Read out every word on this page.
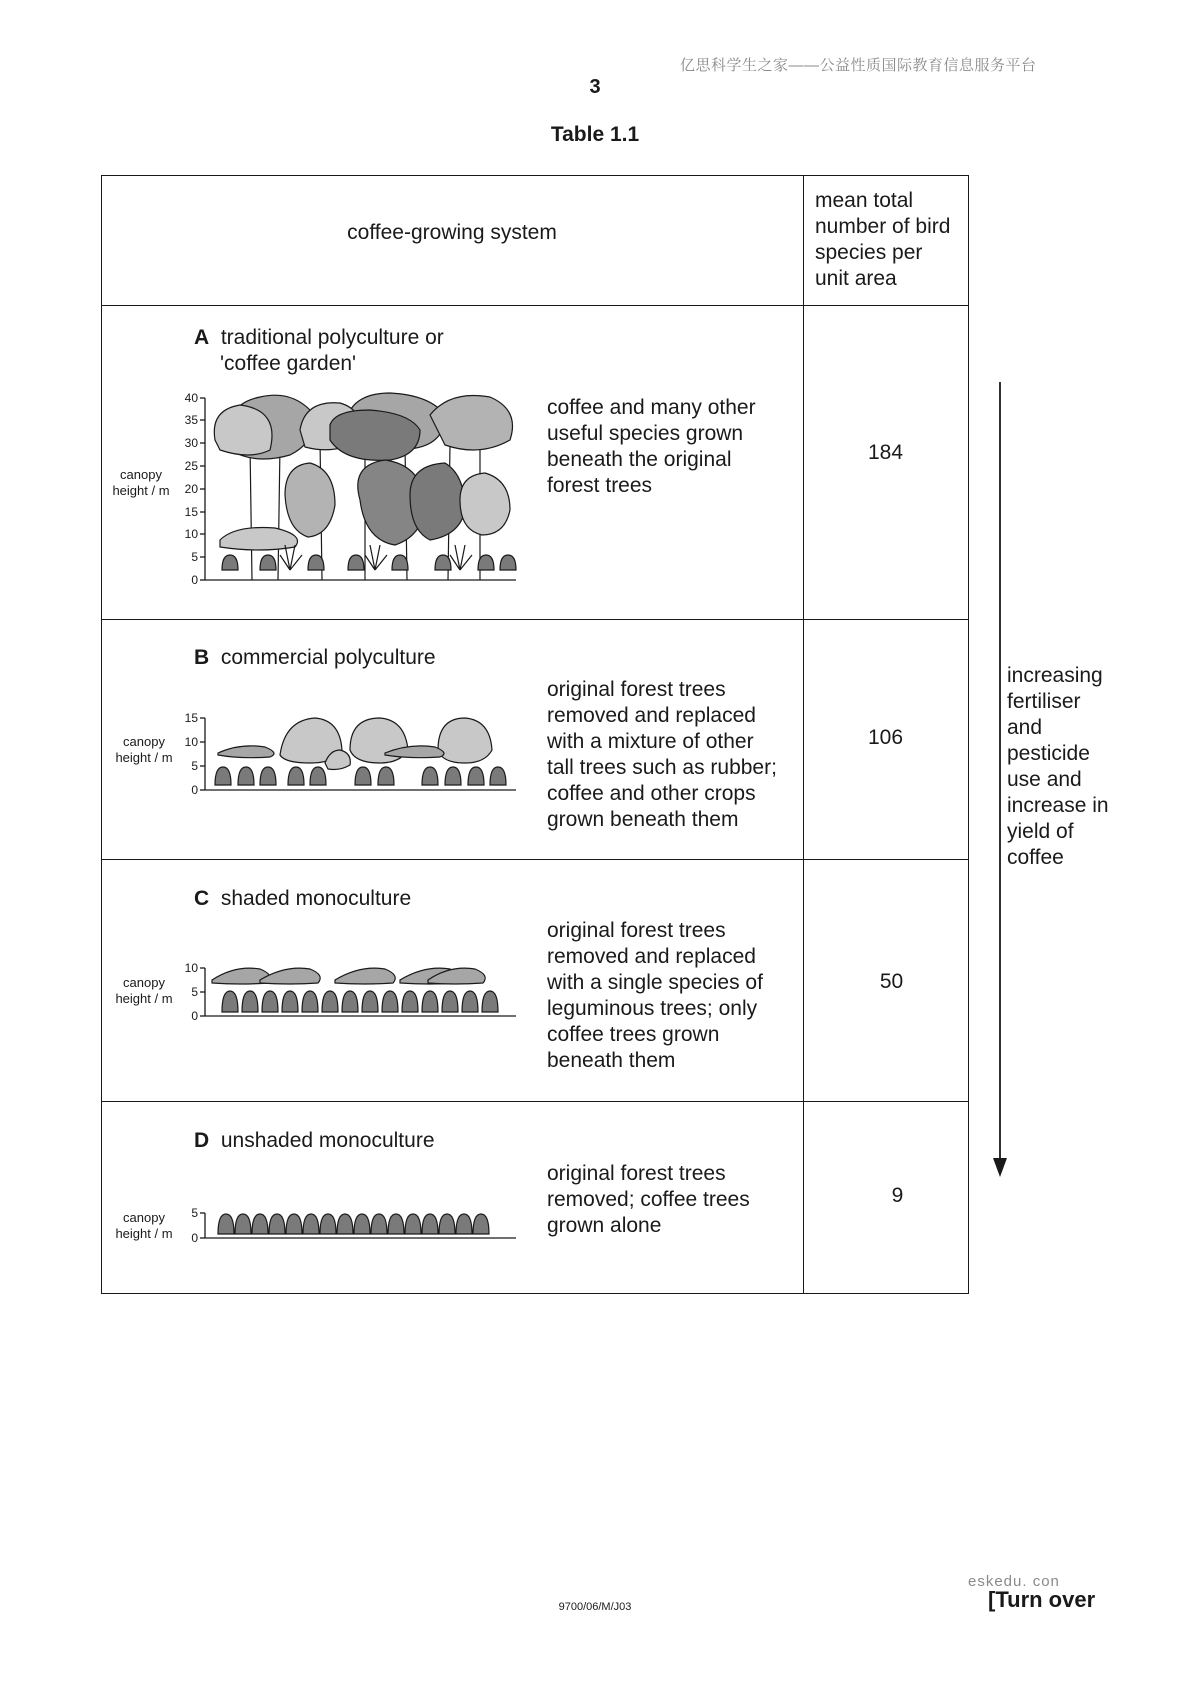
亿思科学生之家——公益性质国际教育信息服务平台
3
Table 1.1
coffee-growing system
mean total
number of bird
species per
unit area
A traditional polyculture or
'coffee garden'
canopy
height / m
40
35
30
25
20
15
10
5
0
coffee and many other
useful species grown
beneath the original
forest trees
184
B commercial polyculture
canopy
height / m
15
10
5
0
original forest trees
removed and replaced
with a mixture of other
tall trees such as rubber;
coffee and other crops
grown beneath them
106
C shaded monoculture
canopy
height / m
10
5
0
original forest trees
removed and replaced
with a single species of
leguminous trees; only
coffee trees grown
beneath them
50
D unshaded monoculture
canopy
height / m
5
0
original forest trees
removed; coffee trees
grown alone
9
increasing
fertiliser
and
pesticide
use and
increase in
yield of
coffee
eskedu. con
[Turn over
9700/06/M/J03
